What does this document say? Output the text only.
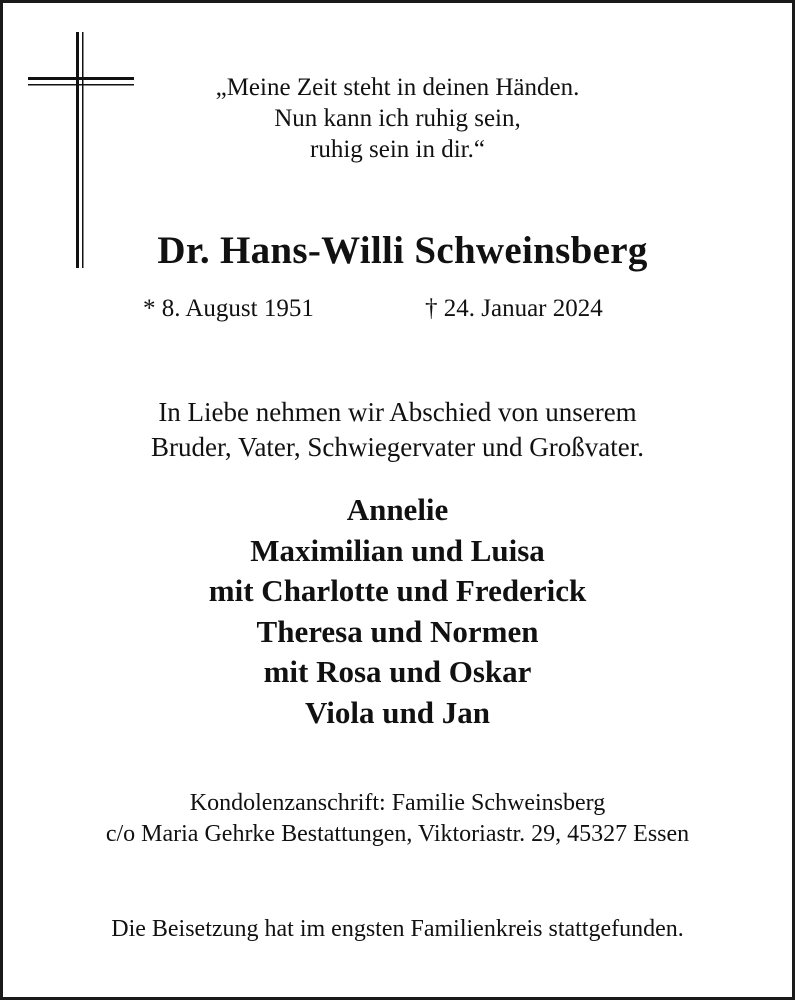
„Meine Zeit steht in deinen Händen.
Nun kann ich ruhig sein,
ruhig sein in dir.“
Dr. Hans-Willi Schweinsberg
* 8. August 1951	† 24. Januar 2024
In Liebe nehmen wir Abschied von unserem
Bruder, Vater, Schwiegervater und Großvater.
Annelie
Maximilian und Luisa
mit Charlotte und Frederick
Theresa und Normen
mit Rosa und Oskar
Viola und Jan
Kondolenzanschrift: Familie Schweinsberg
c/o Maria Gehrke Bestattungen, Viktoriastr. 29, 45327 Essen
Die Beisetzung hat im engsten Familienkreis stattgefunden.
